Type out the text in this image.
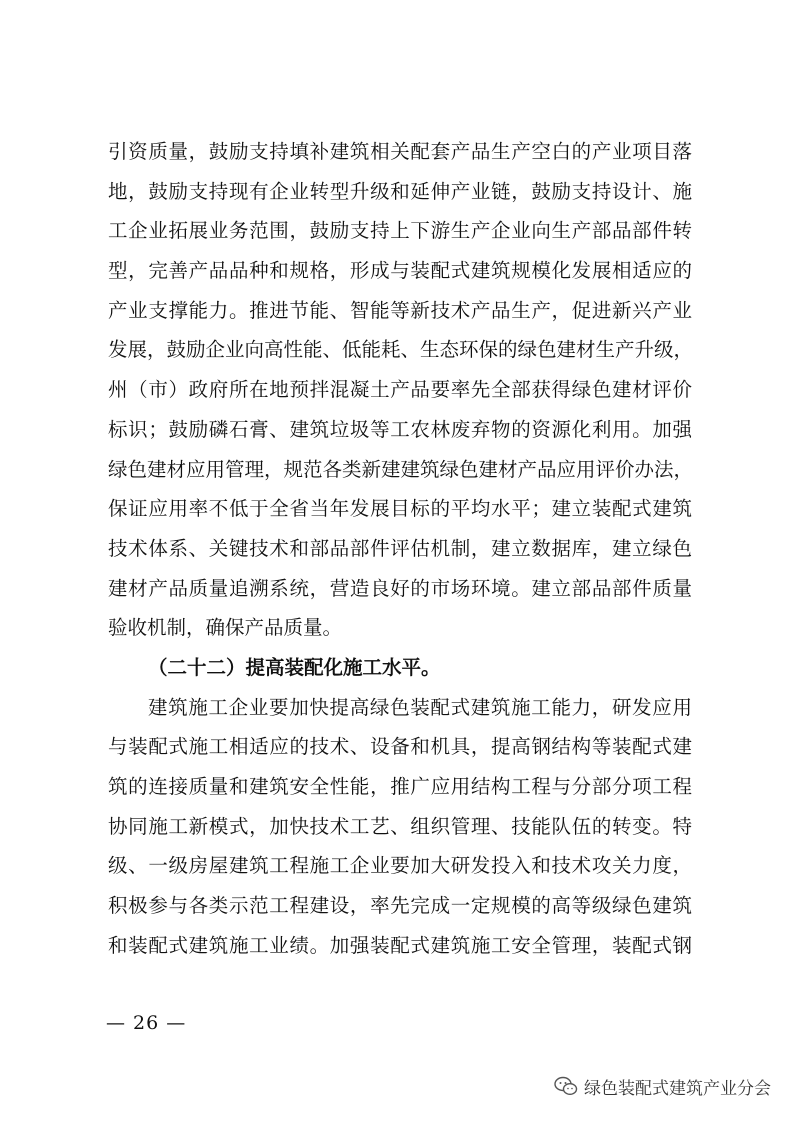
引资质量，鼓励支持填补建筑相关配套产品生产空白的产业项目落
地，鼓励支持现有企业转型升级和延伸产业链，鼓励支持设计、施
工企业拓展业务范围，鼓励支持上下游生产企业向生产部品部件转
型，完善产品品种和规格，形成与装配式建筑规模化发展相适应的
产业支撑能力。推进节能、智能等新技术产品生产，促进新兴产业
发展，鼓励企业向高性能、低能耗、生态环保的绿色建材生产升级，
州（市）政府所在地预拌混凝土产品要率先全部获得绿色建材评价
标识；鼓励磷石膏、建筑垃圾等工农林废弃物的资源化利用。加强
绿色建材应用管理，规范各类新建建筑绿色建材产品应用评价办法，
保证应用率不低于全省当年发展目标的平均水平；建立装配式建筑
技术体系、关键技术和部品部件评估机制，建立数据库，建立绿色
建材产品质量追溯系统，营造良好的市场环境。建立部品部件质量
验收机制，确保产品质量。
（二十二）提高装配化施工水平。
建筑施工企业要加快提高绿色装配式建筑施工能力，研发应用
与装配式施工相适应的技术、设备和机具，提高钢结构等装配式建
筑的连接质量和建筑安全性能，推广应用结构工程与分部分项工程
协同施工新模式，加快技术工艺、组织管理、技能队伍的转变。特
级、一级房屋建筑工程施工企业要加大研发投入和技术攻关力度，
积极参与各类示范工程建设，率先完成一定规模的高等级绿色建筑
和装配式建筑施工业绩。加强装配式建筑施工安全管理，装配式钢
— 26 —
绿色装配式建筑产业分会
